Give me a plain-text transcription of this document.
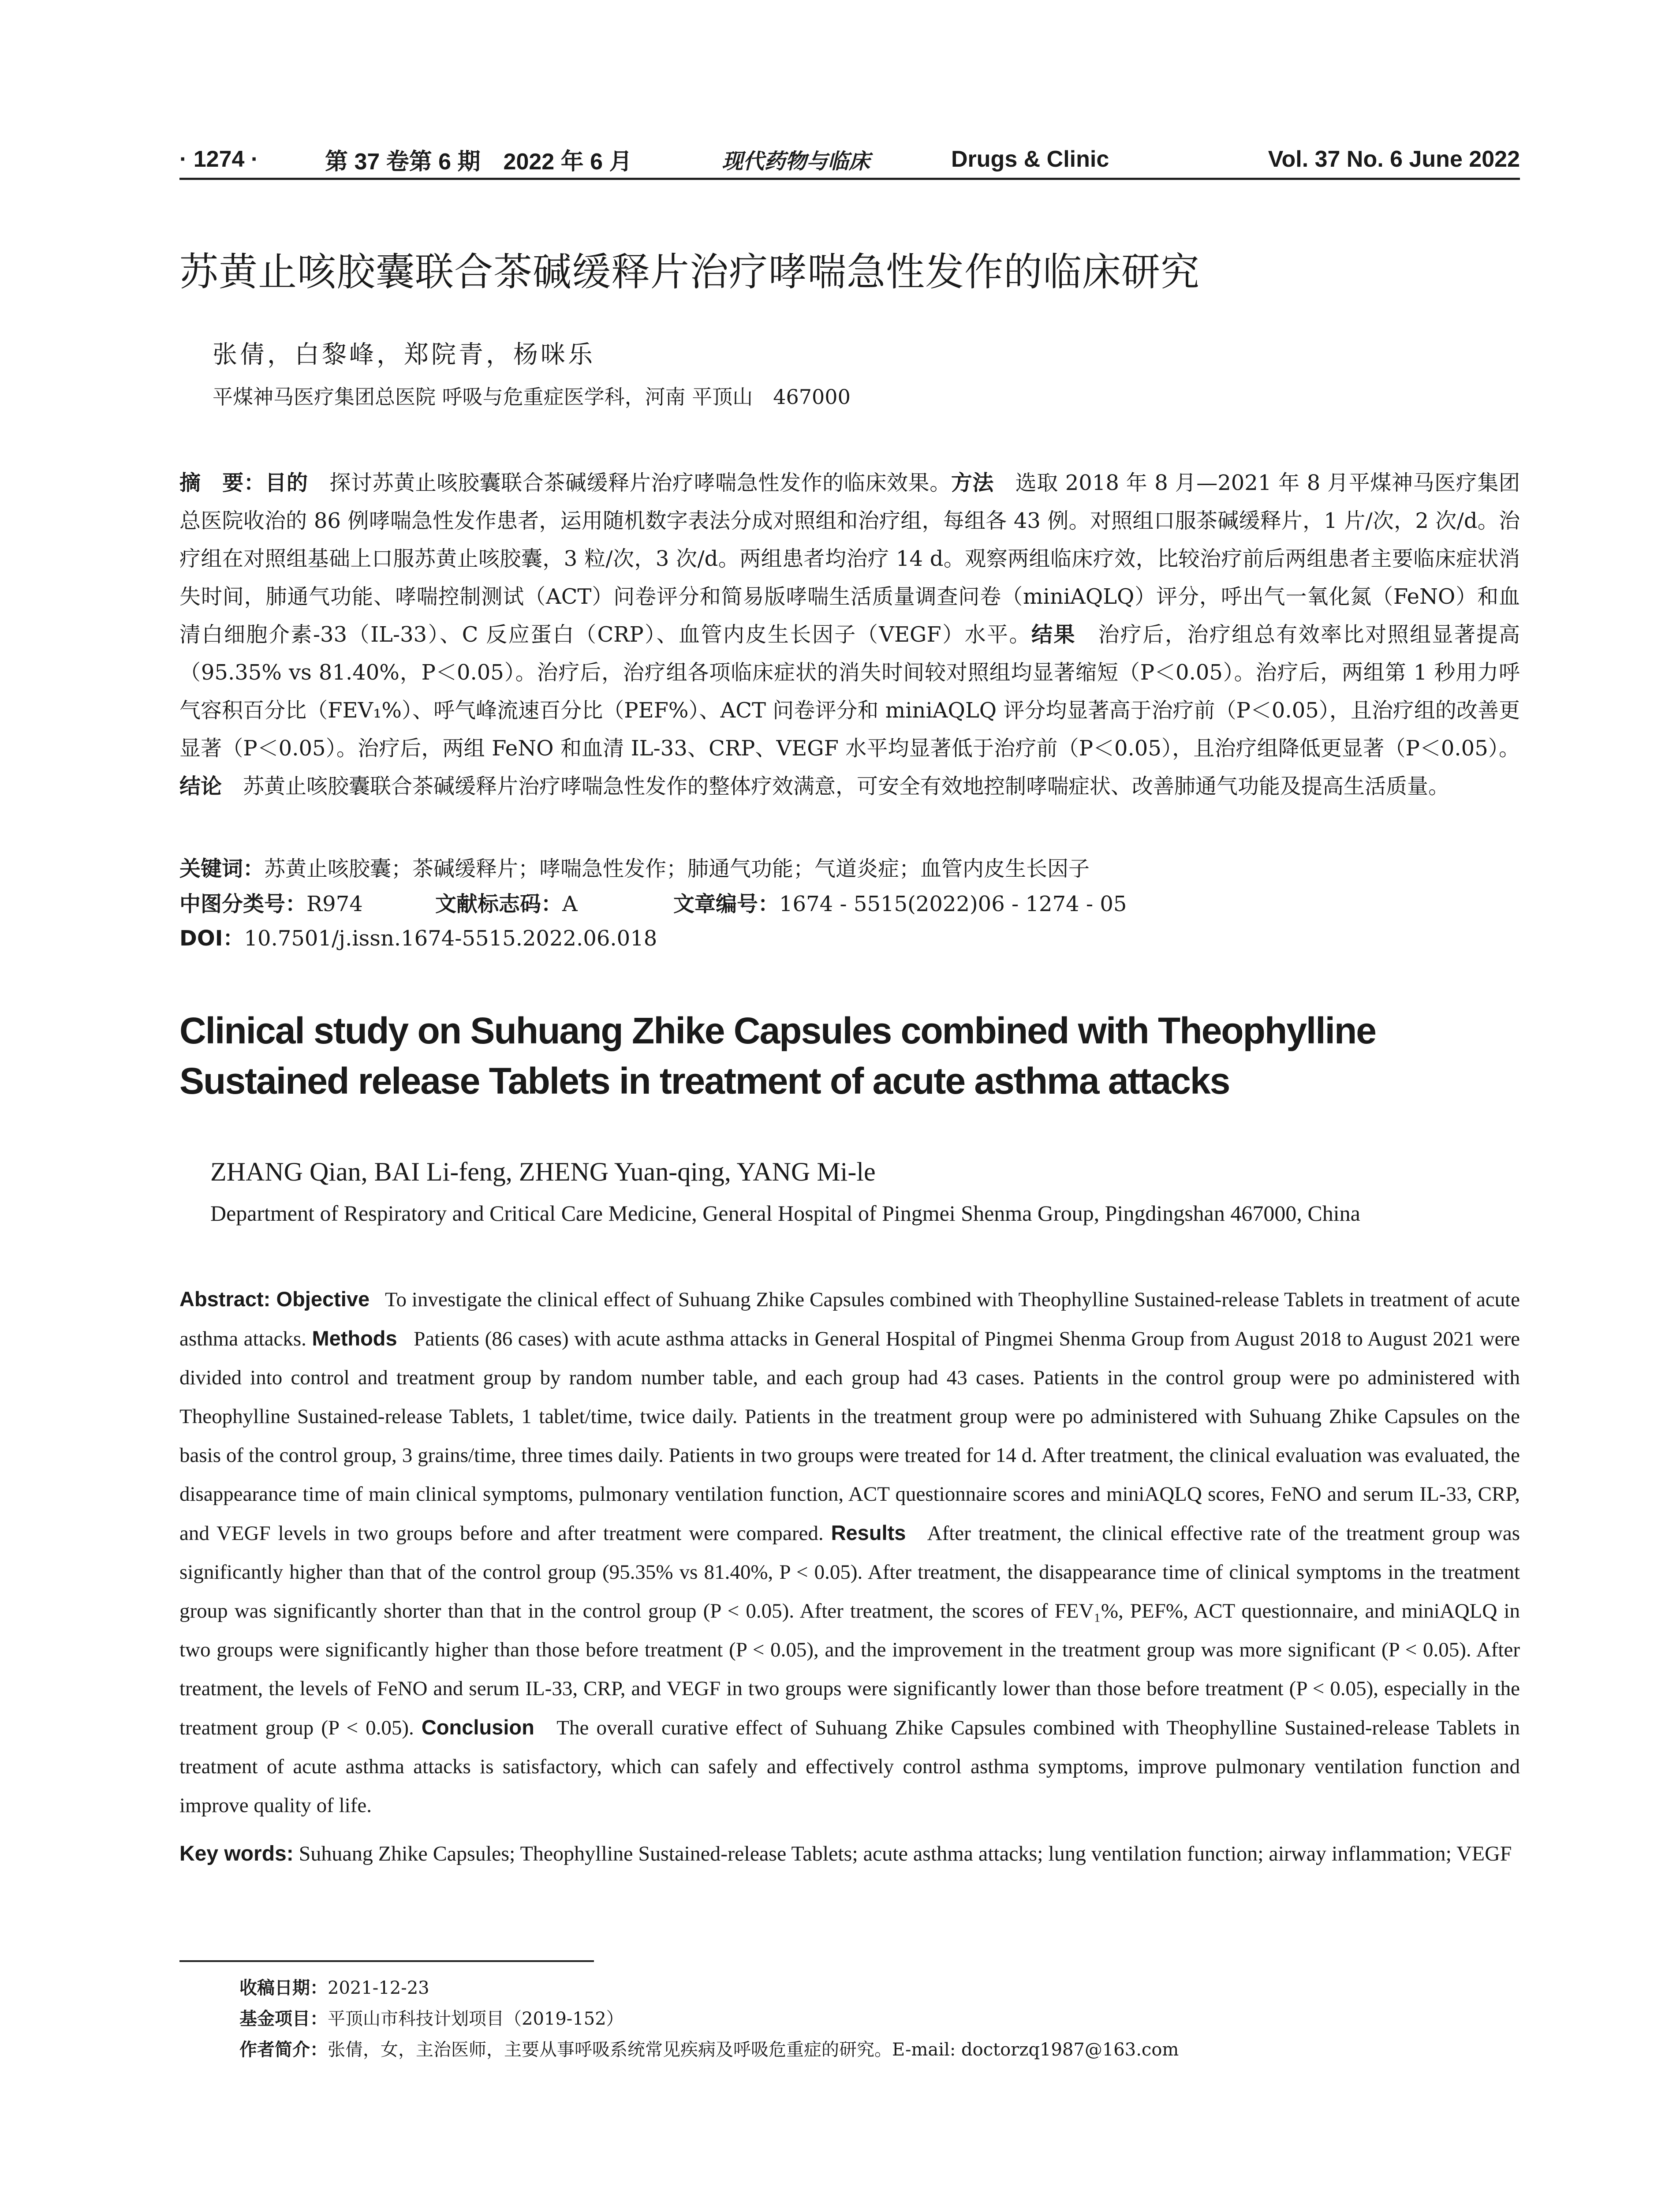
· 1274 ·	第 37 卷第 6 期　2022 年 6 月	现代药物与临床	Drugs & Clinic	Vol. 37 No. 6 June 2022
苏黄止咳胶囊联合茶碱缓释片治疗哮喘急性发作的临床研究
张倩，白黎峰，郑院青，杨咪乐
平煤神马医疗集团总医院 呼吸与危重症医学科，河南 平顶山　467000
摘　要：目的　 探讨苏黄止咳胶囊联合茶碱缓释片治疗哮喘急性发作的临床效果。方法　 选取 2018 年 8 月—2021 年 8 月平煤神马医疗集团总医院收治的 86 例哮喘急性发作患者，运用随机数字表法分成对照组和治疗组，每组各 43 例。对照组口服茶碱缓释片，1 片/次，2 次/d。治疗组在对照组基础上口服苏黄止咳胶囊，3 粒/次，3 次/d。两组患者均治疗 14 d。观察两组临床疗效，比较治疗前后两组患者主要临床症状消失时间，肺通气功能、哮喘控制测试（ACT）问卷评分和简易版哮喘生活质量调查问卷（miniAQLQ）评分，呼出气一氧化氮（FeNO）和血清白细胞介素-33（IL-33）、C 反应蛋白（CRP）、血管内皮生长因子（VEGF）水平。结果　 治疗后，治疗组总有效率比对照组显著提高（95.35% vs 81.40%，P＜0.05）。治疗后，治疗组各项临床症状的消失时间较对照组均显著缩短（P＜0.05）。治疗后，两组第 1 秒用力呼气容积百分比（FEV₁%）、呼气峰流速百分比（PEF%）、ACT 问卷评分和 miniAQLQ 评分均显著高于治疗前（P＜0.05），且治疗组的改善更显著（P＜0.05）。治疗后，两组 FeNO 和血清 IL-33、CRP、VEGF 水平均显著低于治疗前（P＜0.05），且治疗组降低更显著（P＜0.05）。结论　 苏黄止咳胶囊联合茶碱缓释片治疗哮喘急性发作的整体疗效满意，可安全有效地控制哮喘症状、改善肺通气功能及提高生活质量。
关键词：苏黄止咳胶囊；茶碱缓释片；哮喘急性发作；肺通气功能；气道炎症；血管内皮生长因子
中图分类号：R974	文献标志码：A	文章编号：1674 - 5515(2022)06 - 1274 - 05
DOI：10.7501/j.issn.1674-5515.2022.06.018
Clinical study on Suhuang Zhike Capsules combined with Theophylline Sustained release Tablets in treatment of acute asthma attacks
ZHANG Qian, BAI Li-feng, ZHENG Yuan-qing, YANG Mi-le
Department of Respiratory and Critical Care Medicine, General Hospital of Pingmei Shenma Group, Pingdingshan 467000, China
Abstract: Objective To investigate the clinical effect of Suhuang Zhike Capsules combined with Theophylline Sustained-release Tablets in treatment of acute asthma attacks. Methods Patients (86 cases) with acute asthma attacks in General Hospital of Pingmei Shenma Group from August 2018 to August 2021 were divided into control and treatment group by random number table, and each group had 43 cases. Patients in the control group were po administered with Theophylline Sustained-release Tablets, 1 tablet/time, twice daily. Patients in the treatment group were po administered with Suhuang Zhike Capsules on the basis of the control group, 3 grains/time, three times daily. Patients in two groups were treated for 14 d. After treatment, the clinical evaluation was evaluated, the disappearance time of main clinical symptoms, pulmonary ventilation function, ACT questionnaire scores and miniAQLQ scores, FeNO and serum IL-33, CRP, and VEGF levels in two groups before and after treatment were compared. Results After treatment, the clinical effective rate of the treatment group was significantly higher than that of the control group (95.35% vs 81.40%, P < 0.05). After treatment, the disappearance time of clinical symptoms in the treatment group was significantly shorter than that in the control group (P < 0.05). After treatment, the scores of FEV₁%, PEF%, ACT questionnaire, and miniAQLQ in two groups were significantly higher than those before treatment (P < 0.05), and the improvement in the treatment group was more significant (P < 0.05). After treatment, the levels of FeNO and serum IL-33, CRP, and VEGF in two groups were significantly lower than those before treatment (P < 0.05), especially in the treatment group (P < 0.05). Conclusion The overall curative effect of Suhuang Zhike Capsules combined with Theophylline Sustained-release Tablets in treatment of acute asthma attacks is satisfactory, which can safely and effectively control asthma symptoms, improve pulmonary ventilation function and improve quality of life.
Key words: Suhuang Zhike Capsules; Theophylline Sustained-release Tablets; acute asthma attacks; lung ventilation function; airway inflammation; VEGF
收稿日期：2021-12-23
基金项目：平顶山市科技计划项目（2019-152）
作者简介：张倩，女，主治医师，主要从事呼吸系统常见疾病及呼吸危重症的研究。E-mail: doctorzq1987@163.com
